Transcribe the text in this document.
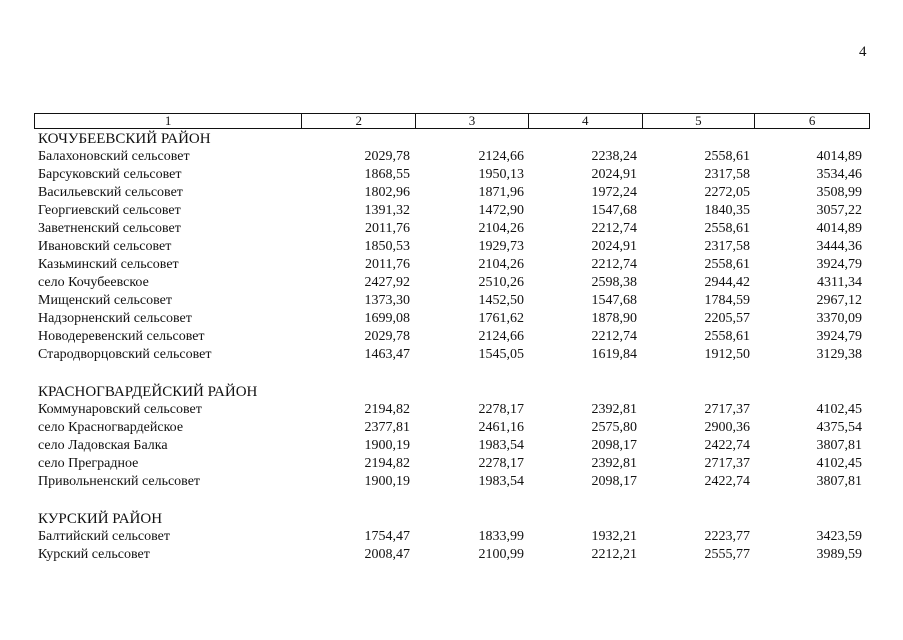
4
1	2	3	4	5	6
КОЧУБЕЕВСКИЙ РАЙОН
Балахоновский сельсовет	2029,78	2124,66	2238,24	2558,61	4014,89
Барсуковский сельсовет	1868,55	1950,13	2024,91	2317,58	3534,46
Васильевский сельсовет	1802,96	1871,96	1972,24	2272,05	3508,99
Георгиевский сельсовет	1391,32	1472,90	1547,68	1840,35	3057,22
Заветненский сельсовет	2011,76	2104,26	2212,74	2558,61	4014,89
Ивановский сельсовет	1850,53	1929,73	2024,91	2317,58	3444,36
Казьминский сельсовет	2011,76	2104,26	2212,74	2558,61	3924,79
село Кочубеевское	2427,92	2510,26	2598,38	2944,42	4311,34
Мищенский сельсовет	1373,30	1452,50	1547,68	1784,59	2967,12
Надзорненский сельсовет	1699,08	1761,62	1878,90	2205,57	3370,09
Новодеревенский сельсовет	2029,78	2124,66	2212,74	2558,61	3924,79
Стародворцовский сельсовет	1463,47	1545,05	1619,84	1912,50	3129,38
КРАСНОГВАРДЕЙСКИЙ РАЙОН
Коммунаровский сельсовет	2194,82	2278,17	2392,81	2717,37	4102,45
село Красногвардейское	2377,81	2461,16	2575,80	2900,36	4375,54
село Ладовская Балка	1900,19	1983,54	2098,17	2422,74	3807,81
село Преградное	2194,82	2278,17	2392,81	2717,37	4102,45
Привольненский сельсовет	1900,19	1983,54	2098,17	2422,74	3807,81
КУРСКИЙ РАЙОН
Балтийский сельсовет	1754,47	1833,99	1932,21	2223,77	3423,59
Курский сельсовет	2008,47	2100,99	2212,21	2555,77	3989,59
